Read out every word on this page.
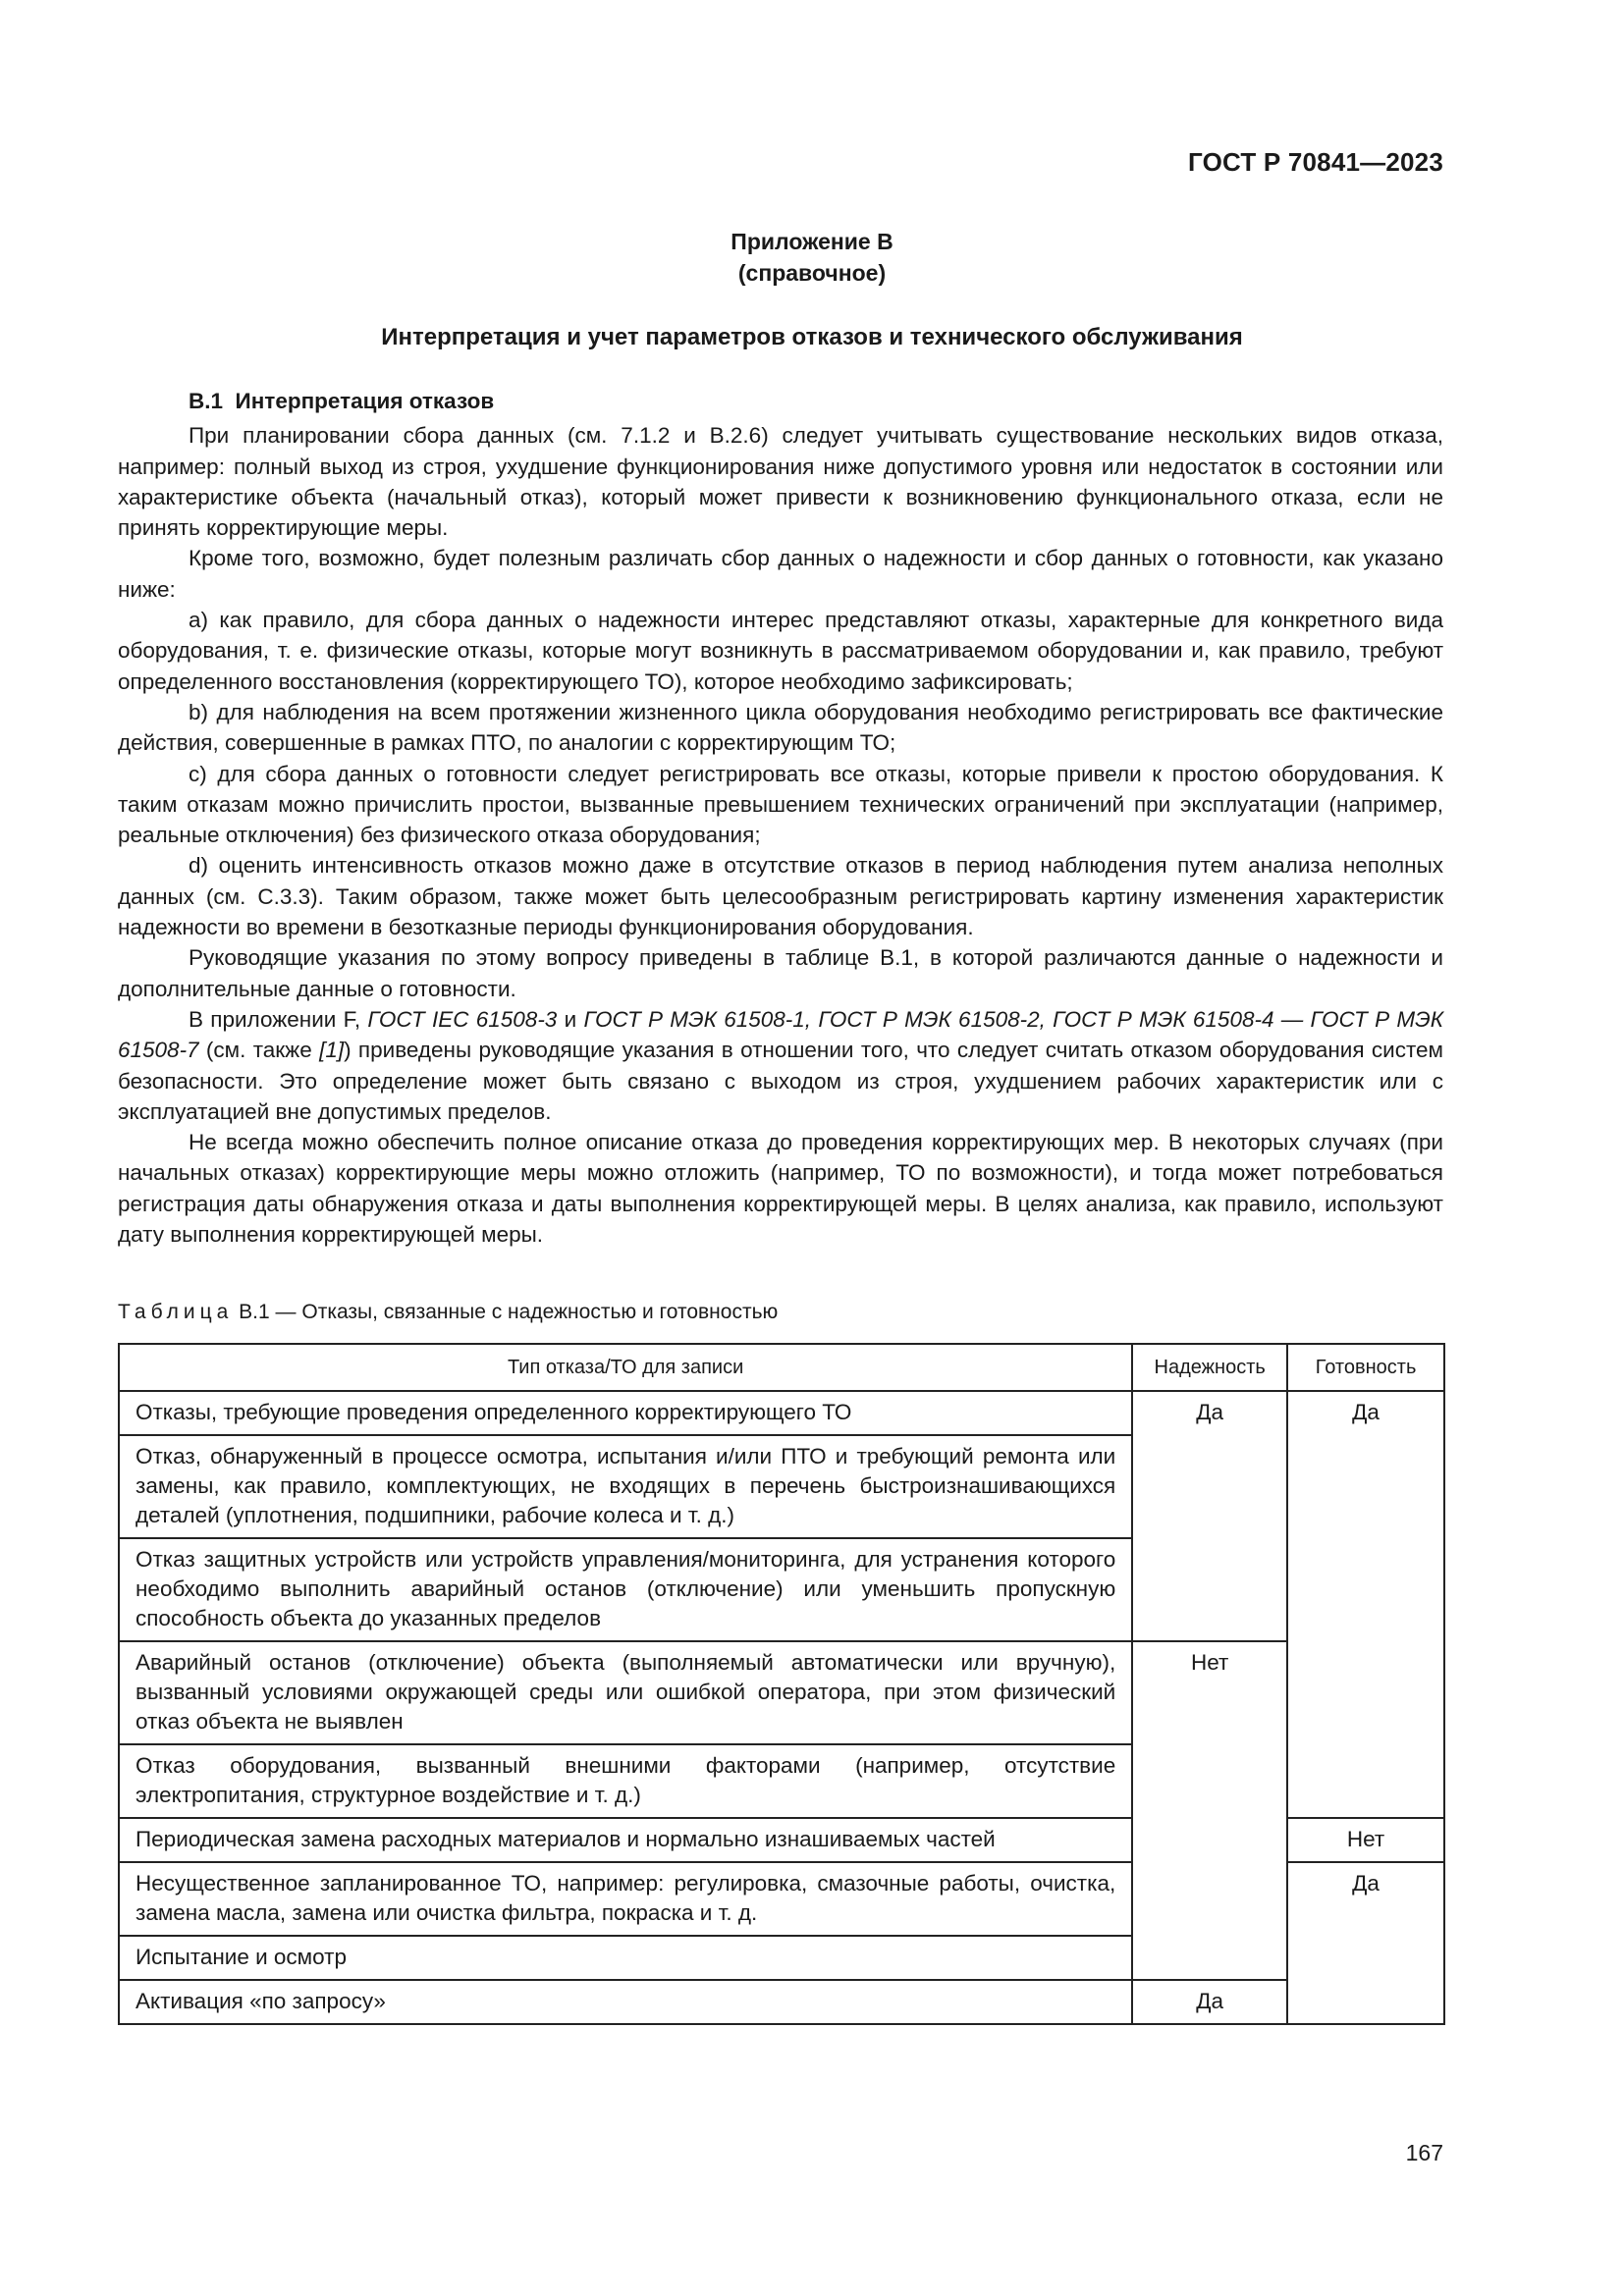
ГОСТ Р 70841—2023
Приложение В
(справочное)
Интерпретация и учет параметров отказов и технического обслуживания

В.1 Интерпретация отказов

При планировании сбора данных (см. 7.1.2 и В.2.6) следует учитывать существование нескольких видов отказа, например: полный выход из строя, ухудшение функционирования ниже допустимого уровня или недостаток в состоянии или характеристике объекта (начальный отказ), который может привести к возникновению функционального отказа, если не принять корректирующие меры.

Кроме того, возможно, будет полезным различать сбор данных о надежности и сбор данных о готовности, как указано ниже:

a) как правило, для сбора данных о надежности интерес представляют отказы, характерные для конкретного вида оборудования, т. е. физические отказы, которые могут возникнуть в рассматриваемом оборудовании и, как правило, требуют определенного восстановления (корректирующего ТО), которое необходимо зафиксировать;

b) для наблюдения на всем протяжении жизненного цикла оборудования необходимо регистрировать все фактические действия, совершенные в рамках ПТО, по аналогии с корректирующим ТО;

c) для сбора данных о готовности следует регистрировать все отказы, которые привели к простою оборудования. К таким отказам можно причислить простои, вызванные превышением технических ограничений при эксплуатации (например, реальные отключения) без физического отказа оборудования;

d) оценить интенсивность отказов можно даже в отсутствие отказов в период наблюдения путем анализа неполных данных (см. С.3.3). Таким образом, также может быть целесообразным регистрировать картину изменения характеристик надежности во времени в безотказные периоды функционирования оборудования.

Руководящие указания по этому вопросу приведены в таблице В.1, в которой различаются данные о надежности и дополнительные данные о готовности.

В приложении F, ГОСТ IEC 61508-3 и ГОСТ Р МЭК 61508-1, ГОСТ Р МЭК 61508-2, ГОСТ Р МЭК 61508-4 — ГОСТ Р МЭК 61508-7 (см. также [1]) приведены руководящие указания в отношении того, что следует считать отказом оборудования систем безопасности. Это определение может быть связано с выходом из строя, ухудшением рабочих характеристик или с эксплуатацией вне допустимых пределов.

Не всегда можно обеспечить полное описание отказа до проведения корректирующих мер. В некоторых случаях (при начальных отказах) корректирующие меры можно отложить (например, ТО по возможности), и тогда может потребоваться регистрация даты обнаружения отказа и даты выполнения корректирующей меры. В целях анализа, как правило, используют дату выполнения корректирующей меры.

Таблица В.1 — Отказы, связанные с надежностью и готовностью
Тип отказа/ТО для записи	Надежность	Готовность
Отказы, требующие проведения определенного корректирующего ТО	Да	Да
Отказ, обнаруженный в процессе осмотра, испытания и/или ПТО и требующий ремонта или замены, как правило, комплектующих, не входящих в перечень быстроизнашивающихся деталей (уплотнения, подшипники, рабочие колеса и т. д.)		
Отказ защитных устройств или устройств управления/мониторинга, для устранения которого необходимо выполнить аварийный останов (отключение) или уменьшить пропускную способность объекта до указанных пределов		
Аварийный останов (отключение) объекта (выполняемый автоматически или вручную), вызванный условиями окружающей среды или ошибкой оператора, при этом физический отказ объекта не выявлен	Нет	
Отказ оборудования, вызванный внешними факторами (например, отсутствие электропитания, структурное воздействие и т. д.)		
Периодическая замена расходных материалов и нормально изнашиваемых частей		Нет
Несущественное запланированное ТО, например: регулировка, смазочные работы, очистка, замена масла, замена или очистка фильтра, покраска и т. д.		Да
Испытание и осмотр		
Активация «по запросу»	Да	
167
